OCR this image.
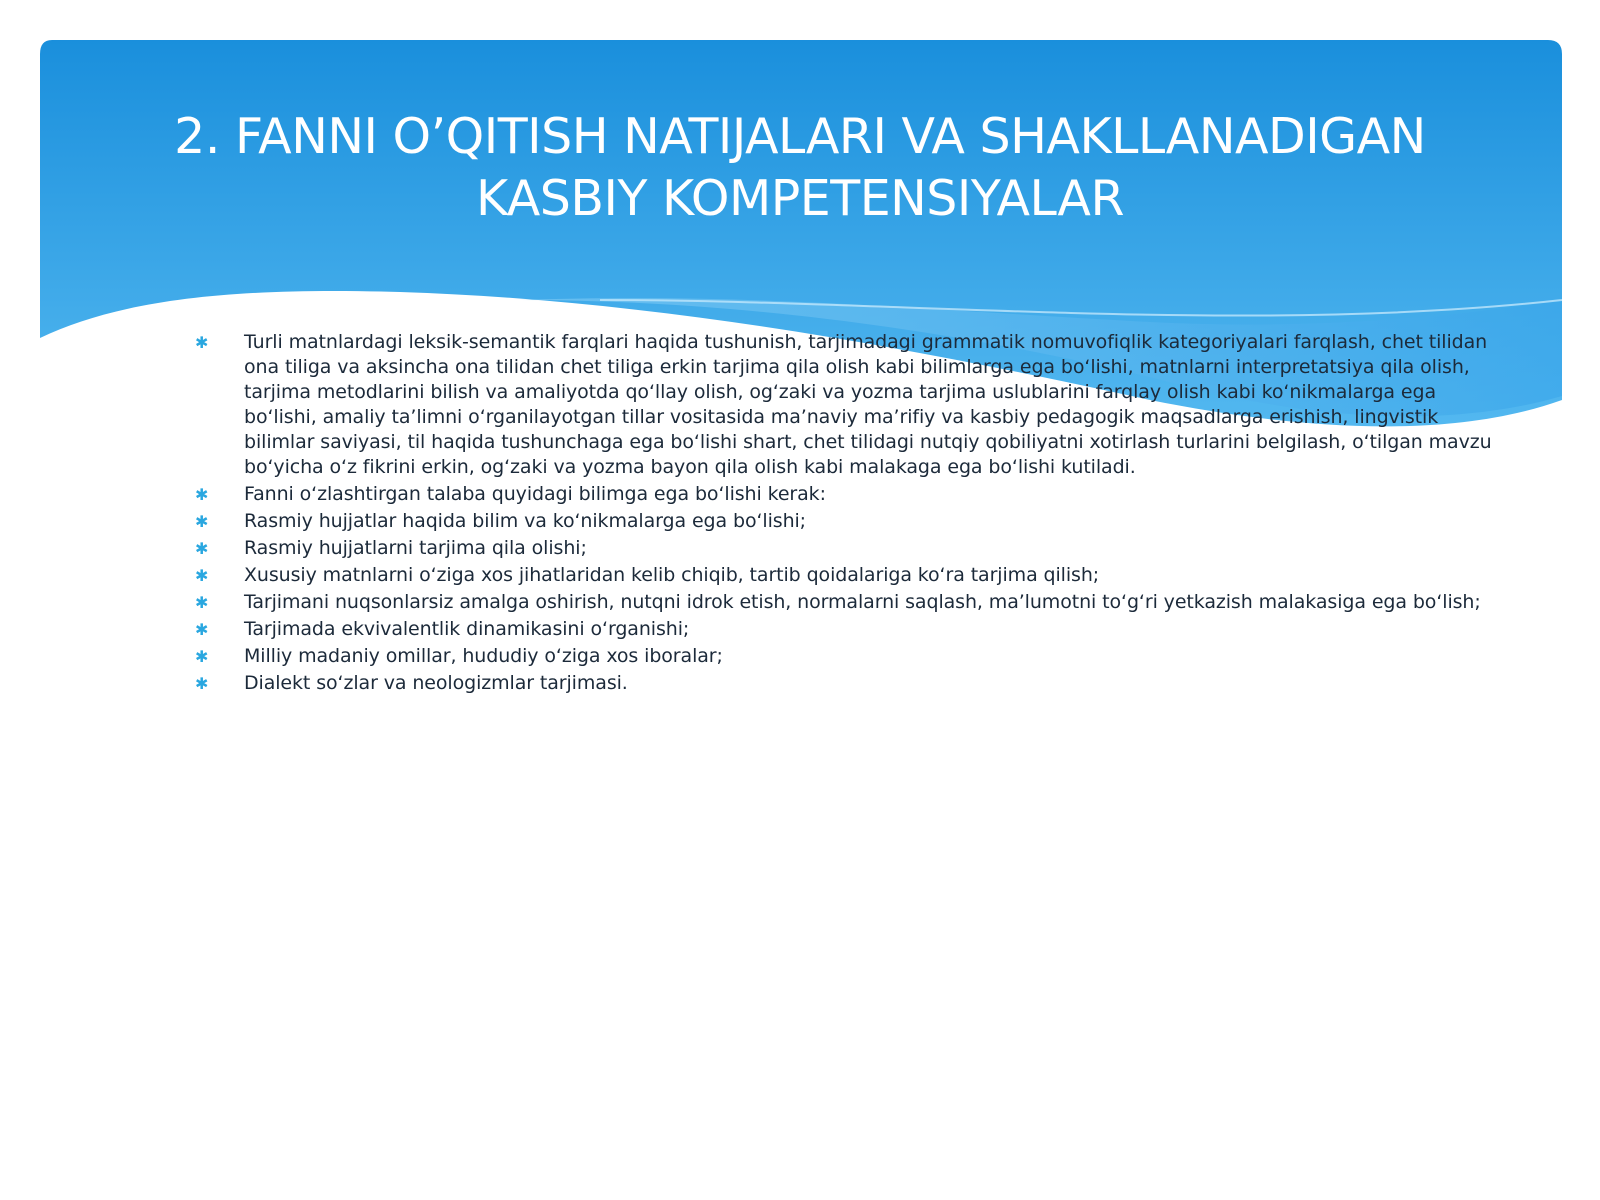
2. FANNI O’QITISH NATIJALARI VA SHAKLLANADIGAN
KASBIY KOMPETENSIYALAR
✱ Turli matnlardagi leksik-semantik farqlari haqida tushunish, tarjimadagi grammatik nomuvofiqlik kategoriyalari farqlash, chet tilidan ona tiliga va aksincha ona tilidan chet tiliga erkin tarjima qila olish kabi bilimlarga ega bo‘lishi, matnlarni interpretatsiya qila olish, tarjima metodlarini bilish va amaliyotda qo‘llay olish, og‘zaki va yozma tarjima uslublarini farqlay olish kabi ko‘nikmalarga ega bo‘lishi, amaliy ta’limni o‘rganilayotgan tillar vositasida ma’naviy ma’rifiy va kasbiy pedagogik maqsadlarga erishish, lingvistik bilimlar saviyasi, til haqida tushunchaga ega bo‘lishi shart, chet tilidagi nutqiy qobiliyatni xotirlash turlarini belgilash, o‘tilgan mavzu bo‘yicha o‘z fikrini erkin, og‘zaki va yozma bayon qila olish kabi malakaga ega bo‘lishi kutiladi.
✱ Fanni o‘zlashtirgan talaba quyidagi bilimga ega bo‘lishi kerak:
✱ Rasmiy hujjatlar haqida bilim va ko‘nikmalarga ega bo‘lishi;
✱ Rasmiy hujjatlarni tarjima qila olishi;
✱ Xususiy matnlarni o‘ziga xos jihatlaridan kelib chiqib, tartib qoidalariga ko‘ra tarjima qilish;
✱ Tarjimani nuqsonlarsiz amalga oshirish, nutqni idrok etish, normalarni saqlash, ma’lumotni to‘g‘ri yetkazish malakasiga ega bo‘lish;
✱ Tarjimada ekvivalentlik dinamikasini o‘rganishi;
✱ Milliy madaniy omillar, hududiy o‘ziga xos iboralar;
✱ Dialekt so‘zlar va neologizmlar tarjimasi.
